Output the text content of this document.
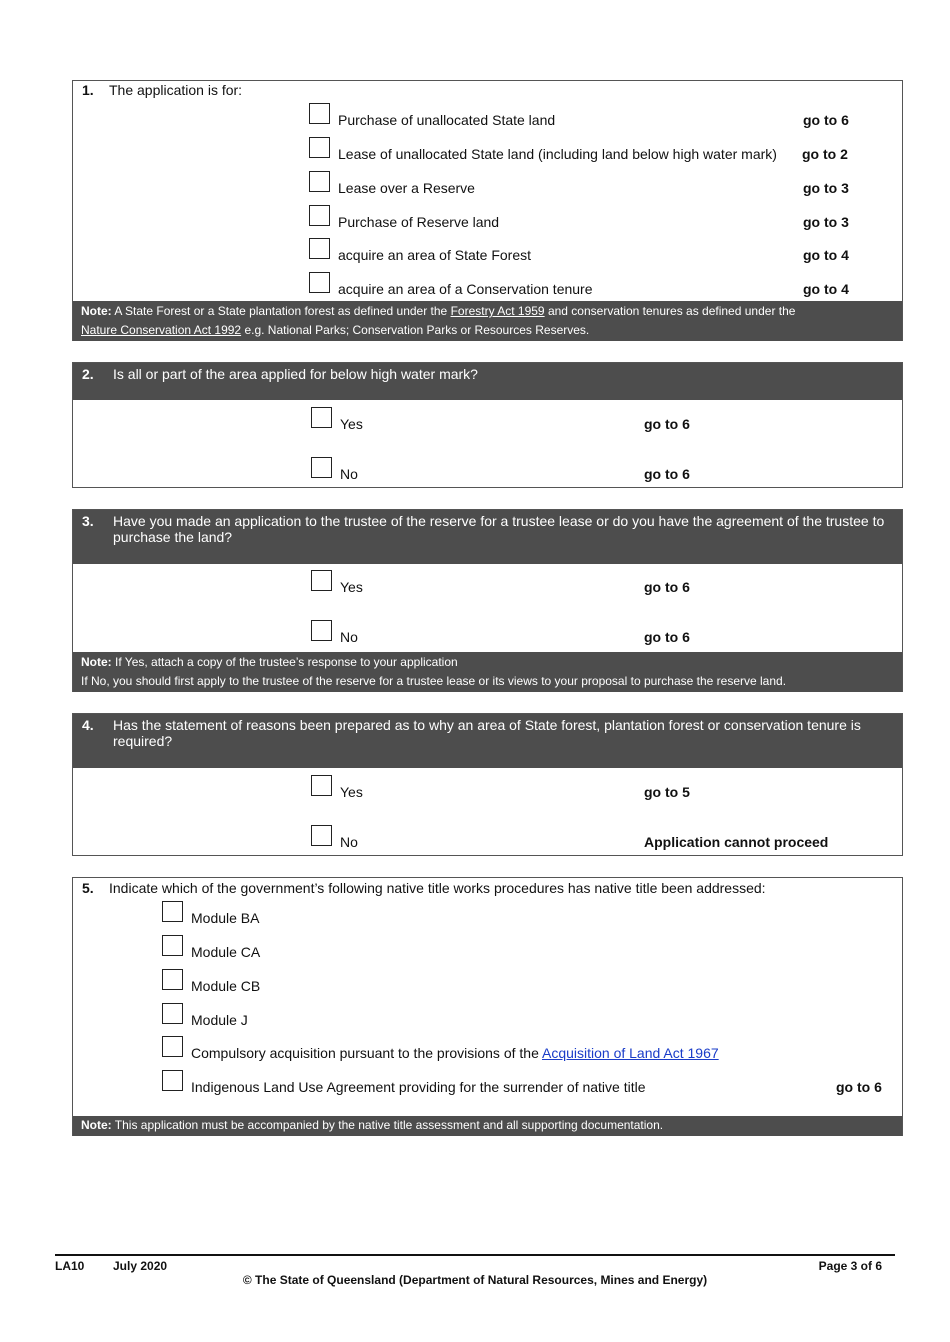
1. The application is for:
Purchase of unallocated State land	go to 6
Lease of unallocated State land (including land below high water mark) go to 2
Lease over a Reserve	go to 3
Purchase of Reserve land	go to 3
acquire an area of State Forest	go to 4
acquire an area of a Conservation tenure	go to 4
Note: A State Forest or a State plantation forest as defined under the Forestry Act 1959 and conservation tenures as defined under the
Nature Conservation Act 1992 e.g. National Parks; Conservation Parks or Resources Reserves.
2. Is all or part of the area applied for below high water mark?
Yes	go to 6
No	go to 6
3. Have you made an application to the trustee of the reserve for a trustee lease or do you have the agreement of the trustee to purchase the land?
Yes	go to 6
No	go to 6
Note: If Yes, attach a copy of the trustee’s response to your application
If No, you should first apply to the trustee of the reserve for a trustee lease or its views to your proposal to purchase the reserve land.
4. Has the statement of reasons been prepared as to why an area of State forest, plantation forest or conservation tenure is required?
Yes	go to 5
No	Application cannot proceed
5. Indicate which of the government’s following native title works procedures has native title been addressed:
Module BA
Module CA
Module CB
Module J
Compulsory acquisition pursuant to the provisions of the Acquisition of Land Act 1967
Indigenous Land Use Agreement providing for the surrender of native title	go to 6
Note: This application must be accompanied by the native title assessment and all supporting documentation.
LA10 July 2020	Page 3 of 6
© The State of Queensland (Department of Natural Resources, Mines and Energy)
